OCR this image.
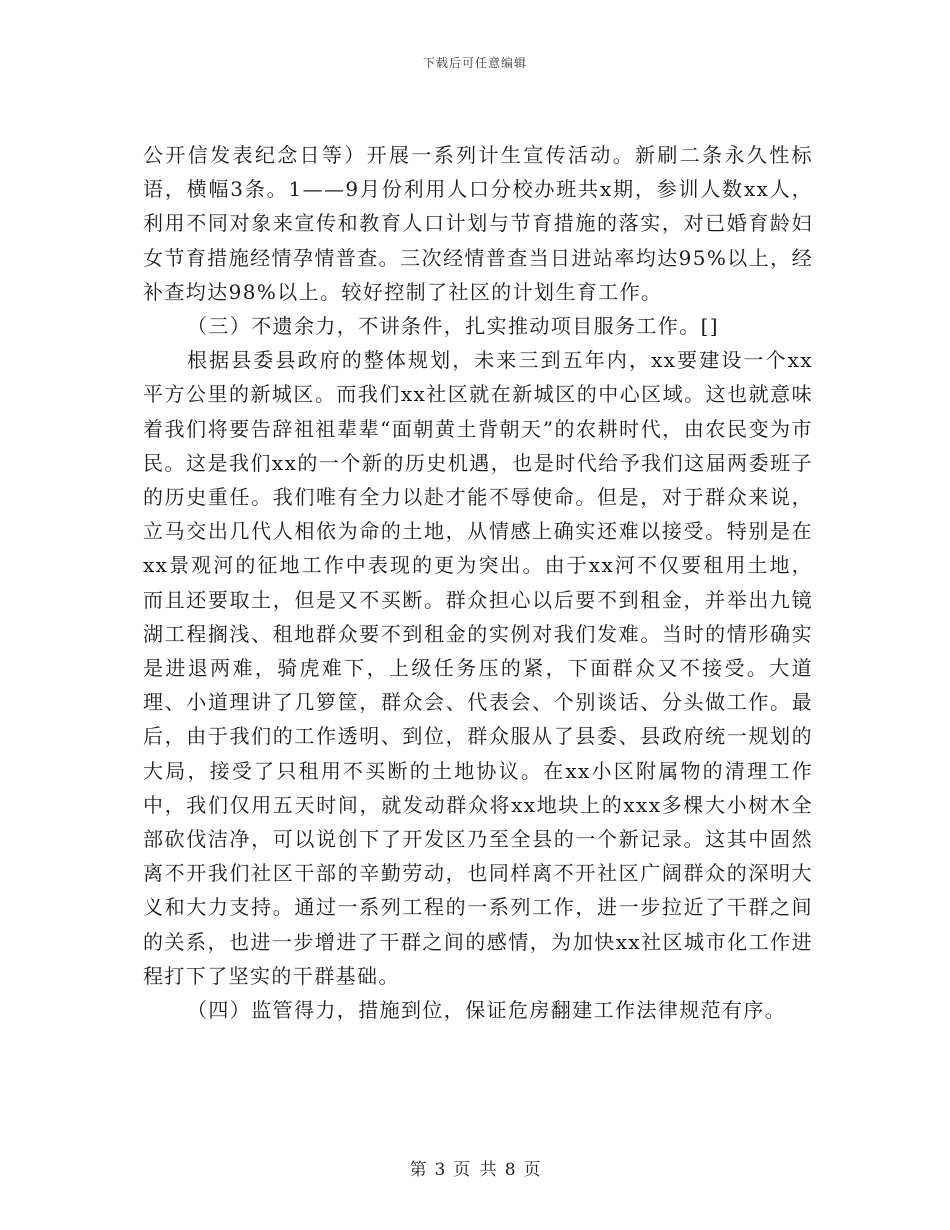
下载后可任意编辑

公开信发表纪念日等）开展一系列计生宣传活动。新刷二条永久性标语，横幅3条。1——9月份利用人口分校办班共x期，参训人数xx人，利用不同对象来宣传和教育人口计划与节育措施的落实，对已婚育龄妇女节育措施经情孕情普查。三次经情普查当日进站率均达95%以上，经补查均达98%以上。较好控制了社区的计划生育工作。

（三）不遗余力，不讲条件，扎实推动项目服务工作。[]

根据县委县政府的整体规划，未来三到五年内，xx要建设一个xx平方公里的新城区。而我们xx社区就在新城区的中心区域。这也就意味着我们将要告辞祖祖辈辈“面朝黄土背朝天”的农耕时代，由农民变为市民。这是我们xx的一个新的历史机遇，也是时代给予我们这届两委班子的历史重任。我们唯有全力以赴才能不辱使命。但是，对于群众来说，立马交出几代人相依为命的土地，从情感上确实还难以接受。特别是在xx景观河的征地工作中表现的更为突出。由于xx河不仅要租用土地，而且还要取土，但是又不买断。群众担心以后要不到租金，并举出九镜湖工程搁浅、租地群众要不到租金的实例对我们发难。当时的情形确实是进退两难，骑虎难下，上级任务压的紧，下面群众又不接受。大道理、小道理讲了几箩筐，群众会、代表会、个别谈话、分头做工作。最后，由于我们的工作透明、到位，群众服从了县委、县政府统一规划的大局，接受了只租用不买断的土地协议。在xx小区附属物的清理工作中，我们仅用五天时间，就发动群众将xx地块上的xxx多棵大小树木全部砍伐洁净，可以说创下了开发区乃至全县的一个新记录。这其中固然离不开我们社区干部的辛勤劳动，也同样离不开社区广阔群众的深明大义和大力支持。通过一系列工程的一系列工作，进一步拉近了干群之间的关系，也进一步增进了干群之间的感情，为加快xx社区城市化工作进程打下了坚实的干群基础。

（四）监管得力，措施到位，保证危房翻建工作法律规范有序。

第 3 页 共 8 页
